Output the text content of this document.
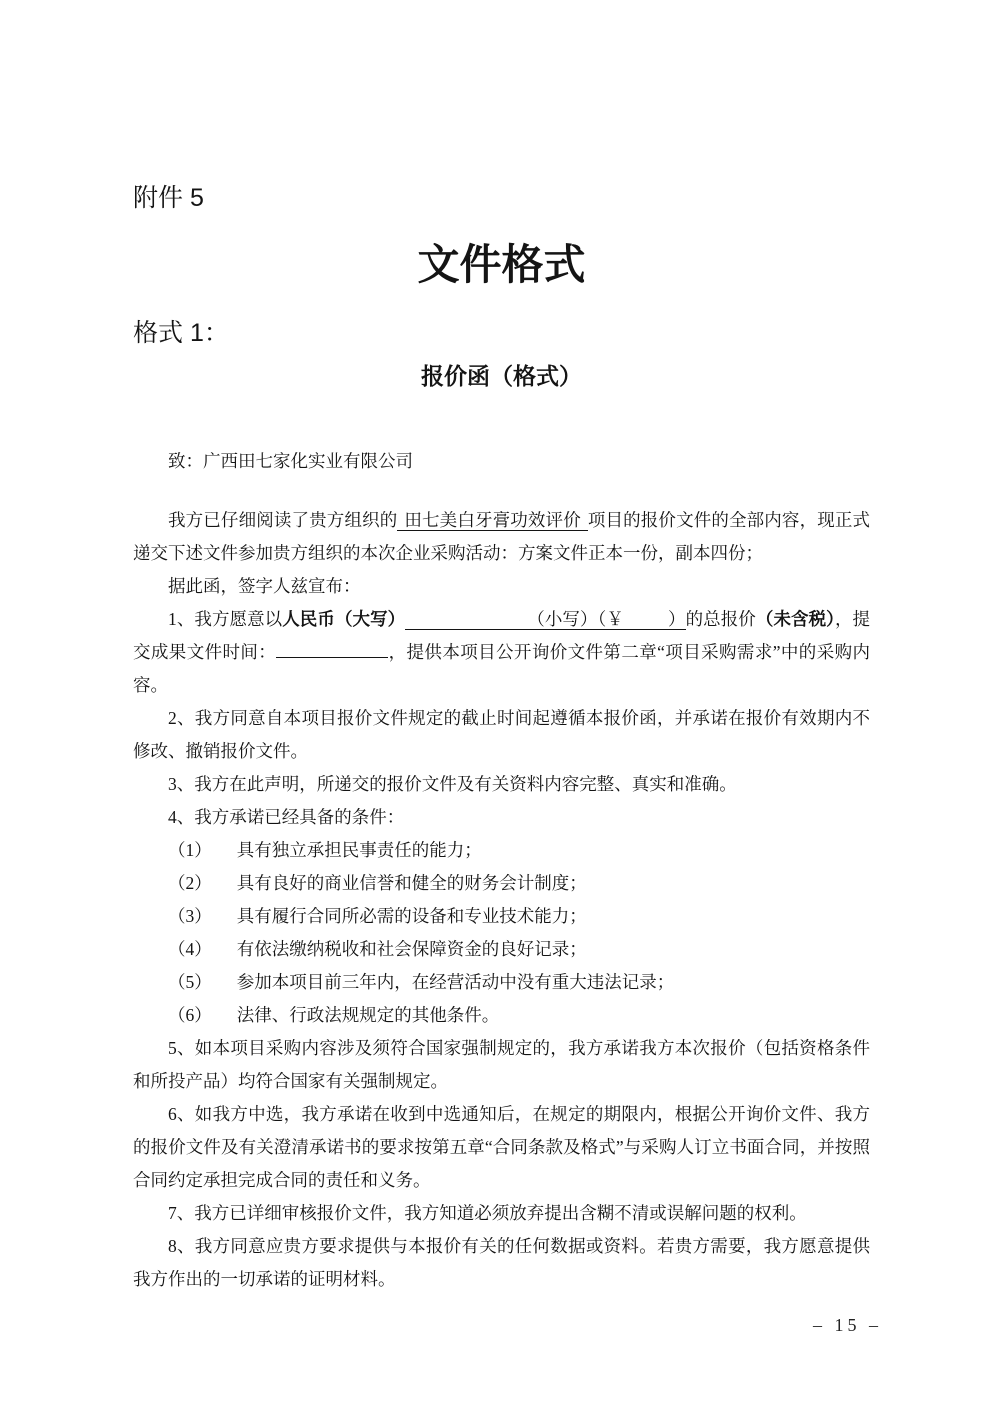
附件 5
文件格式
格式 1：
报价函（格式）

致：广西田七家化实业有限公司

我方已仔细阅读了贵方组织的 田七美白牙膏功效评价 项目的报价文件的全部内容，现正式递交下述文件参加贵方组织的本次企业采购活动：方案文件正本一份，副本四份；

据此函，签字人兹宣布：

1、我方愿意以人民币（大写）	（小写）（￥	）的总报价（未含税），提交成果文件时间：	，提供本项目公开询价文件第二章“项目采购需求”中的采购内容。

2、我方同意自本项目报价文件规定的截止时间起遵循本报价函，并承诺在报价有效期内不修改、撤销报价文件。

3、我方在此声明，所递交的报价文件及有关资料内容完整、真实和准确。

4、我方承诺已经具备的条件：

（1） 具有独立承担民事责任的能力；

（2） 具有良好的商业信誉和健全的财务会计制度；

（3） 具有履行合同所必需的设备和专业技术能力；

（4） 有依法缴纳税收和社会保障资金的良好记录；

（5） 参加本项目前三年内，在经营活动中没有重大违法记录；

（6） 法律、行政法规规定的其他条件。

5、如本项目采购内容涉及须符合国家强制规定的，我方承诺我方本次报价（包括资格条件和所投产品）均符合国家有关强制规定。

6、如我方中选，我方承诺在收到中选通知后，在规定的期限内，根据公开询价文件、我方的报价文件及有关澄清承诺书的要求按第五章“合同条款及格式”与采购人订立书面合同，并按照合同约定承担完成合同的责任和义务。

7、我方已详细审核报价文件，我方知道必须放弃提出含糊不清或误解问题的权利。

8、我方同意应贵方要求提供与本报价有关的任何数据或资料。若贵方需要，我方愿意提供我方作出的一切承诺的证明材料。

– 15 –
